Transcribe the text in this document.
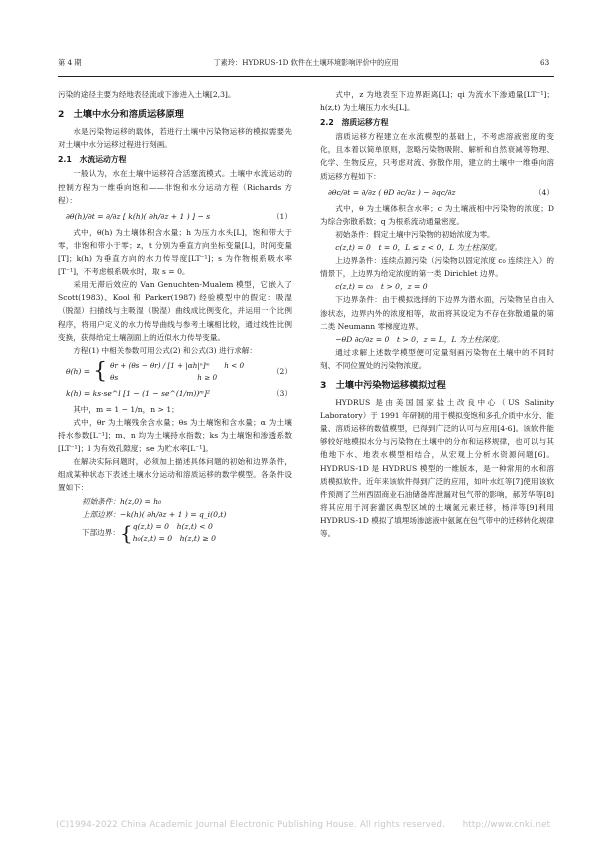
第 4 期	丁素玲：HYDRUS-1D 软件在土壤环境影响评价中的应用	63

污染的途径主要为经地表径流或下渗进入土壤[2,3]。

2　土壤中水分和溶质运移原理

水是污染物运移的载体，若进行土壤中污染物运移的模拟需要先对土壤中水分运移过程进行刻画。

2.1　水流运动方程

一般认为，水在土壤中运移符合活塞流模式。土壤中水流运动的控制方程为一维垂向饱和——非饱和水分运动方程（Richards 方程）：

∂θ(h)/∂t = ∂/∂z [ k(h)( ∂h/∂z + 1 ) ] − s	（1）

式中，θ(h) 为土壤体积含水量；h 为压力水头[L]，饱和带大于零，非饱和带小于零；z，t 分别为垂直方向坐标变量[L]，时间变量[T]；k(h) 为垂直方向的水力传导度[LT⁻¹]；s 为作物根系吸水率[T⁻¹]，不考虑根系吸水时，取 s = 0。

采用无滞后效应的 Van Genuchten-Mualem 模型，它嵌入了 Scott(1983)、Kool 和 Parker(1987) 经验模型中的假定：吸湿（脱湿）扫描线与主吸湿（脱湿）曲线成比例变化，并运用一个比例程序，将用户定义的水力传导曲线与参考土壤相比较，通过线性比例变换，获得给定土壤剖面上的近似水力传导变量。

方程(1) 中相关参数可用公式(2) 和公式(3) 进行求解：

θ(h) = { θr + (θs − θr) / [1 + |αh|ⁿ]ᵐ　　h < 0
θs　　　　　　　　　　　h ≥ 0
（2）
k(h) = ks·se^l [1 − (1 − se^(1/m))ᵐ]²	（3）

其中，m = 1 − 1/n，n > 1；

式中，θr 为土壤残余含水量；θs 为土壤饱和含水量；α 为土壤持水参数[L⁻¹]；m、n 均为土壤持水指数；ks 为土壤饱和渗透系数[LT⁻¹]；l 为有效孔隙度；se 为贮水率[L⁻¹]。

在解决实际问题时，必须加上描述具体问题的初始和边界条件，组成某种状态下表述土壤水分运动和溶质运移的数学模型。各条件设置如下：

初始条件：h(z,0) = h₀
上部边界：−k(h)( ∂h/∂z + 1 ) = q_i(0,t)
下部边界： { q(z,t) = 0　h(z,t) < 0
h₀(z,t) = 0　h(z,t) ≥ 0

式中，z 为地表至下边界距离[L]；qi 为流水下渗通量[LT⁻¹]；h(z,t) 为土壤压力水头[L]。

2.2　溶质运移方程

溶质运移方程建立在水流模型的基础上，不考虑溶液密度的变化，且本着以简单原则，忽略污染物吸附、解析和自然衰减等物理、化学、生物反应，只考虑对流、弥散作用，建立的土壤中一维垂向溶质运移方程如下：

∂θc/∂t = ∂/∂z ( θD ∂c/∂z ) − ∂qc/∂z	（4）

式中，θ 为土壤体积含水率；c 为土壤液相中污染物的浓度；D 为综合弥散系数；q 为根系流动通量密度。

初始条件：假定土壤中污染物的初始浓度为零。

c(z,t) = 0　t = 0，L ≤ z < 0，L 为土柱深度。

上边界条件：连续点源污染（污染物以固定浓度 c₀ 连续注入）的情景下，上边界为给定浓度的第一类 Dirichlet 边界。

c(z,t) = c₀　t > 0，z = 0

下边界条件：由于模拟选择的下边界为潜水面，污染物呈自由入渗状态，边界内外的浓度相等，故而将其设定为不存在弥散通量的第二类 Neumann 零梯度边界。

−θD ∂c/∂z = 0　t > 0，z = L，L 为土柱深度。

通过求解上述数学模型便可定量刻画污染物在土壤中的不同时刻、不同位置处的污染物浓度。

3　土壤中污染物运移模拟过程

HYDRUS 是由美国国家盐土改良中心（US Salinity Laboratory）于 1991 年研制的用于模拟变饱和多孔介质中水分、能量、溶质运移的数值模型，已得到广泛的认可与应用[4-6]。该软件能够较好地模拟水分与污染物在土壤中的分布和运移规律，也可以与其他地下水、地表水模型相结合，从宏观上分析水资源问题[6]。HYDRUS-1D 是 HYDRUS 模型的一维版本，是一种常用的水和溶质模拟软件。近年来该软件得到广泛的应用，如叶水红等[7]使用该软件预测了兰州西固商业石油储备库泄漏对包气带的影响，郝芳华等[8]将其应用于河套灌区典型区域的土壤氮元素迁移，杨洋等[9]利用 HYDRUS-1D 模拟了填埋场渗滤液中氨氮在包气带中的迁移转化规律等。

(C)1994-2022 China Academic Journal Electronic Publishing House. All rights reserved.　　http://www.cnki.net
